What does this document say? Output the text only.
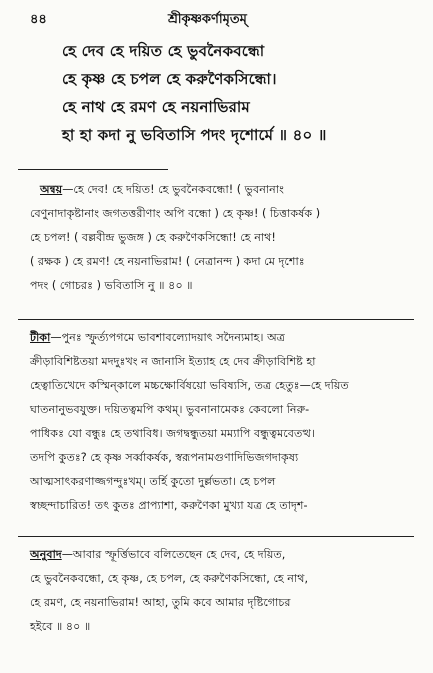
৪৪	শ্রীকৃষ্ণকর্ণামৃতম্
হে দেব হে দয়িত হে ভুবনৈকবন্ধো
হে কৃষ্ণ হে চপল হে করুণৈকসিন্ধো।
হে নাথ হে রমণ হে নয়নাভিরাম
হা হা কদা নু ভবিতাসি পদং দৃশোর্মে ॥ ৪০ ॥
অন্বয়—হে দেব! হে দয়িত! হে ভুবনৈকবন্ধো! ( ভুবনানাং
বেণুনাদাকৃষ্টানাং জগতত্তরীণাং অপি বন্ধো ) হে কৃষ্ণ! ( চিত্তাকর্ষক )
হে চপল! ( বল্লবীন্দ্র ভুজঙ্গ ) হে করুণৈকসিন্ধো! হে নাথ!
( রক্ষক ) হে রমণ! হে নয়নাভিরাম! ( নেত্রানন্দ ) কদা মে দৃশোঃ
পদং ( গোচরঃ ) ভবিতাসি নু ॥ ৪০ ॥
টীকা—পুনঃ স্ফুর্ত্যপগমে ভাবশাবল্যোদয়াৎ সদৈন্যমাহ। অত্র
ক্রীড়াবিশিষ্টতয়া মদদুঃখং ন জানাসি ইত্যাহ হে দেব ক্রীড়াবিশিষ্ট হা
হেত্বাতিখেদে কস্মিন্‌কালে মচ্চক্ষোর্বিষয়ো ভবিষ্যসি, তত্র হেতুঃ—হে দয়িত
ঘাতনানুভবযুক্ত। দয়িতত্বমপি কথম্। ভুবনানামেকঃ কেবলো নিরু-
পাধিকঃ যো বন্ধুঃ হে তথাবিধ। জগদ্বন্ধুতয়া মম্যাপি বন্ধুত্বমবেতত্থ।
তদপি কুতঃ? হে কৃষ্ণ সর্ব্বাকর্ষক, স্বরূপনামগুণাদিভিজগদাকৃষ্য
আত্মসাৎকরণাজ্জগন্দুঃখম্। তর্হি কুতো দুর্ল্লভতা। হে চপল
স্বচ্ছন্দাচারিত! তৎ কুতঃ প্রাপ্যাশা, করুণৈকা মুখ্যা যত্র হে তাদৃশ-
অনুবাদ—আবার স্ফূর্ত্তিভাবে বলিতেছেন হে দেব, হে দয়িত,
হে ভুবনৈকবন্ধো, হে কৃষ্ণ, হে চপল, হে করুণৈকসিন্ধো, হে নাথ,
হে রমণ, হে নয়নাভিরাম! আহা, তুমি কবে আমার দৃষ্টিগোচর
হইবে ॥ ৪০ ॥
